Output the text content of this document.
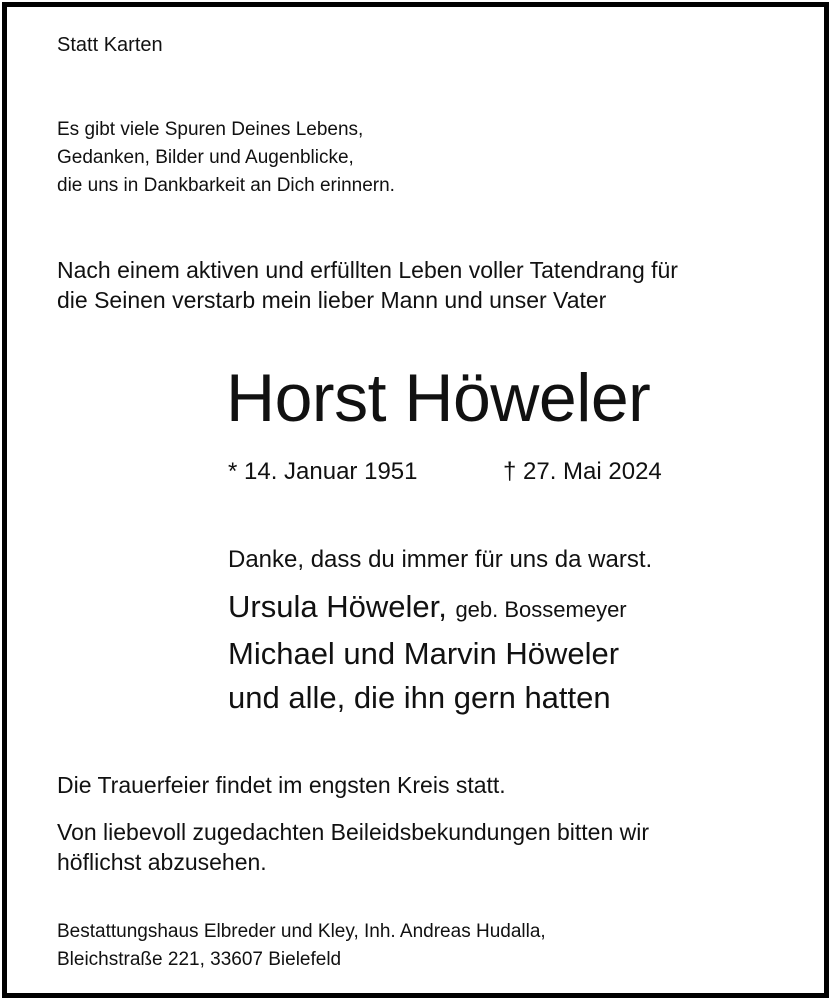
Statt Karten
Es gibt viele Spuren Deines Lebens,
Gedanken, Bilder und Augenblicke,
die uns in Dankbarkeit an Dich erinnern.
Nach einem aktiven und erfüllten Leben voller Tatendrang für
die Seinen verstarb mein lieber Mann und unser Vater
Horst Höweler
* 14. Januar 1951	† 27. Mai 2024
Danke, dass du immer für uns da warst.
Ursula Höweler, geb. Bossemeyer
Michael und Marvin Höweler
und alle, die ihn gern hatten
Die Trauerfeier findet im engsten Kreis statt.
Von liebevoll zugedachten Beileidsbekundungen bitten wir
höflichst abzusehen.
Bestattungshaus Elbreder und Kley, Inh. Andreas Hudalla,
Bleichstraße 221, 33607 Bielefeld
